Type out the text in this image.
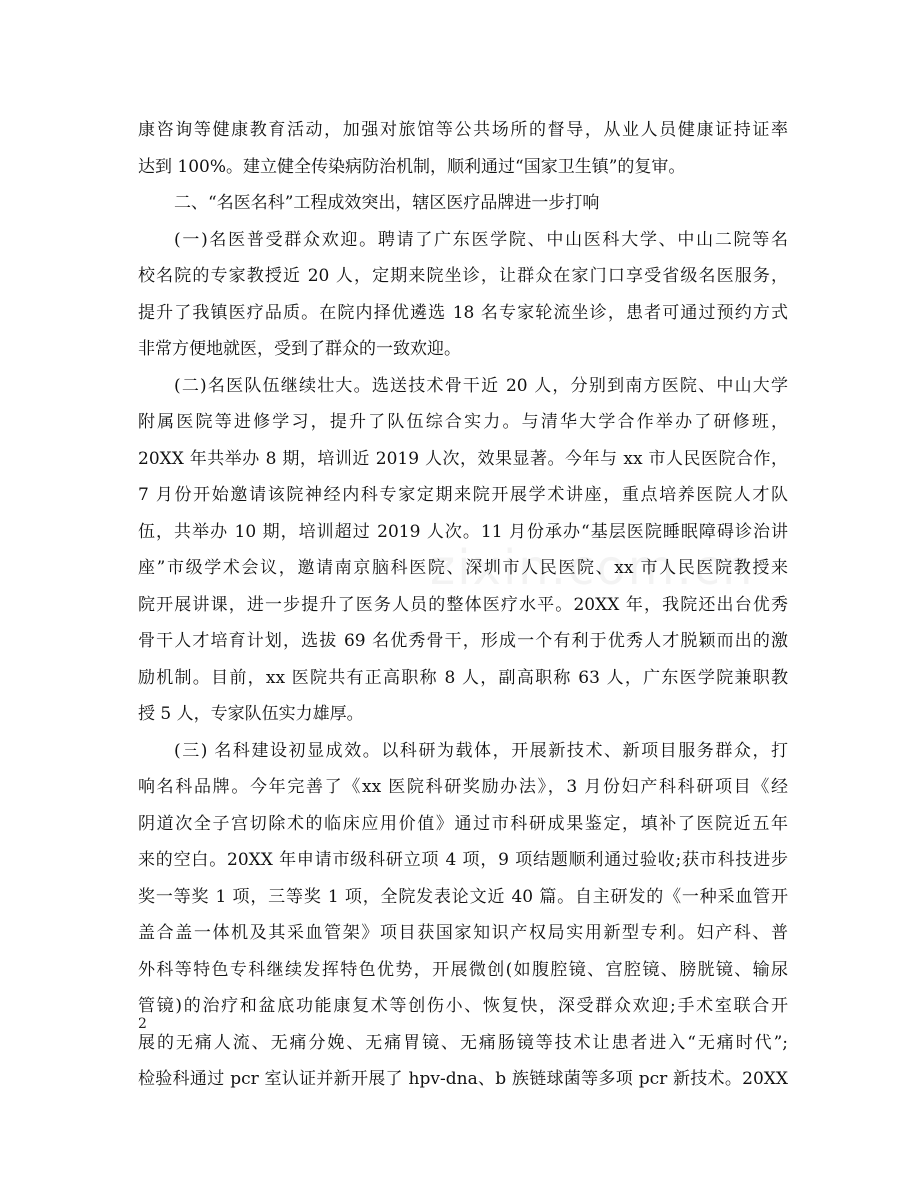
康咨询等健康教育活动，加强对旅馆等公共场所的督导，从业人员健康证持证率
达到 100%。建立健全传染病防治机制，顺利通过“国家卫生镇”的复审。
二、“名医名科”工程成效突出，辖区医疗品牌进一步打响
(一)名医普受群众欢迎。聘请了广东医学院、中山医科大学、中山二院等名
校名院的专家教授近 20 人，定期来院坐诊，让群众在家门口享受省级名医服务，
提升了我镇医疗品质。在院内择优遴选 18 名专家轮流坐诊，患者可通过预约方式
非常方便地就医，受到了群众的一致欢迎。
(二)名医队伍继续壮大。选送技术骨干近 20 人，分别到南方医院、中山大学
附属医院等进修学习，提升了队伍综合实力。与清华大学合作举办了研修班，
20XX 年共举办 8 期，培训近 2019 人次，效果显著。今年与 xx 市人民医院合作，
7 月份开始邀请该院神经内科专家定期来院开展学术讲座，重点培养医院人才队
伍，共举办 10 期，培训超过 2019 人次。11 月份承办“基层医院睡眠障碍诊治讲
座”市级学术会议，邀请南京脑科医院、深圳市人民医院、xx 市人民医院教授来
院开展讲课，进一步提升了医务人员的整体医疗水平。20XX 年，我院还出台优秀
骨干人才培育计划，选拔 69 名优秀骨干，形成一个有利于优秀人才脱颖而出的激
励机制。目前，xx 医院共有正高职称 8 人，副高职称 63 人，广东医学院兼职教
授 5 人，专家队伍实力雄厚。
(三) 名科建设初显成效。以科研为载体，开展新技术、新项目服务群众，打
响名科品牌。今年完善了《xx 医院科研奖励办法》，3 月份妇产科科研项目《经
阴道次全子宫切除术的临床应用价值》通过市科研成果鉴定，填补了医院近五年
来的空白。20XX 年申请市级科研立项 4 项，9 项结题顺利通过验收;获市科技进步
奖一等奖 1 项，三等奖 1 项，全院发表论文近 40 篇。自主研发的《一种采血管开
盖合盖一体机及其采血管架》项目获国家知识产权局实用新型专利。妇产科、普
外科等特色专科继续发挥特色优势，开展微创(如腹腔镜、宫腔镜、膀胱镜、输尿
管镜)的治疗和盆底功能康复术等创伤小、恢复快，深受群众欢迎;手术室联合开
展的无痛人流、无痛分娩、无痛胃镜、无痛肠镜等技术让患者进入“无痛时代”;
检验科通过 pcr 室认证并新开展了 hpv-dna、b 族链球菌等多项 pcr 新技术。20XX
2
